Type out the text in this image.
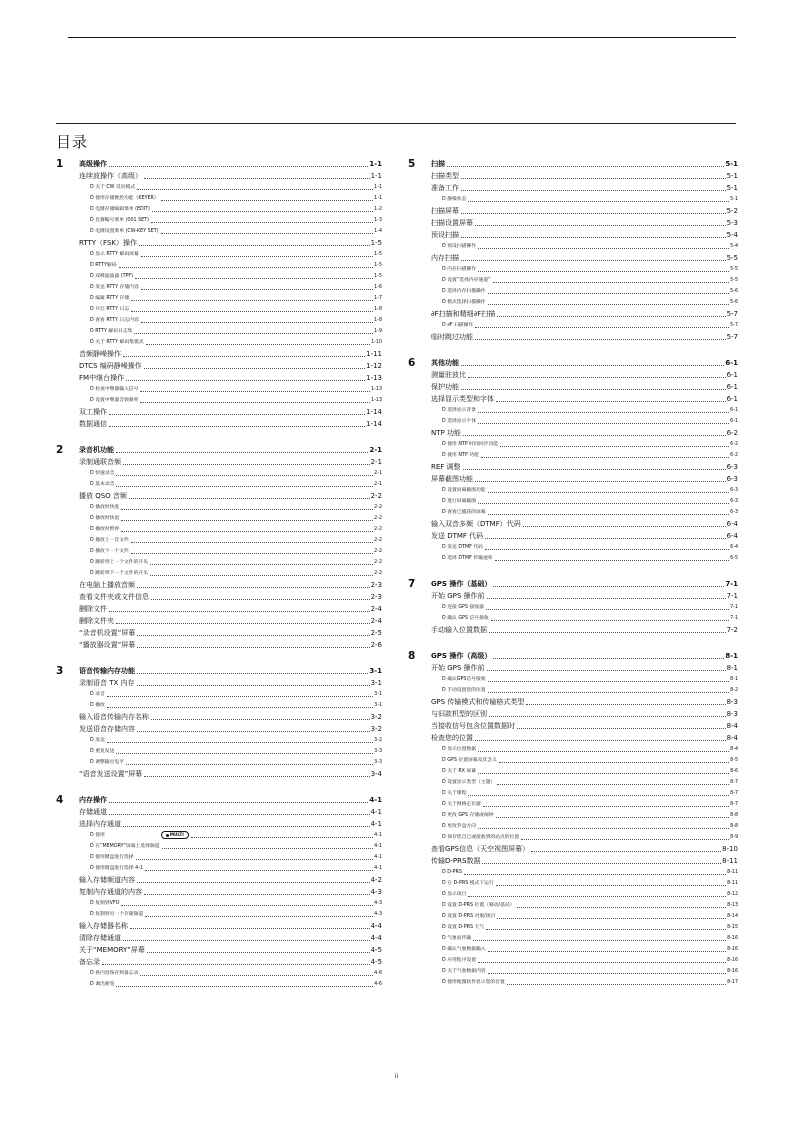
目录
1 高级操作	1-1
连续波操作（高级）	1-1
D 关于 CW 反向模式	1-1
D 使用存储键控功能（KEYER）	1-1
D 电键存储编辑菜单 (EDIT)	1-2
D 比赛编号菜单 (001 SET)	1-3
D 电键设置菜单 (CW-KEY SET)	1-4
RTTY（FSK）操作	1-5
D 显示 RTTY 解码屏幕	1-5
D RTTY解码	1-5
D 双峰滤波器 (TPF)	1-5
D 发送 RTTY 存储内容	1-6
D 编辑 RTTY 存储	1-7
D 开启 RTTY 日志	1-8
D 查看 RTTY 日志内容	1-8
D RTTY 解码日志集	1-9
D 关于 RTTY 解码集模式	1-10
音频静噪操作	1-11
DTCS 编码静噪操作	1-12
FM中继台操作	1-13
D 检查中继器输入信号	1-13
D 设置中继器音频频率	1-13
双工操作	1-14
数据通信	1-14
2 录音机功能	2-1
录制通联音频	2-1
D 快速录音	2-1
D 基本录音	2-1
播放 QSO 音频	2-2
D 播放时快进	2-2
D 播放时快退	2-2
D 播放时暂停	2-2
D 播放上一首文件	2-2
D 播放下一个文件	2-2
D 跳转到上一个文件的开头	2-2
D 跳转到下一个文件的开头	2-2
在电脑上播放音频	2-3
查看文件夹或文件信息	2-3
删除文件	2-4
删除文件夹	2-4
“录音机设置”屏幕	2-5
“播放器设置”屏幕	2-6
3 语音传输内存功能	3-1
录制语音 TX 内存	3-1
D 录音	3-1
D 播放	3-1
输入语音传输内存名称	3-2
发送语音存储内容	3-2
D 发送	3-2
D 重复发送	3-3
D 调整输出电平	3-3
“语音发送设置”屏幕	3-4
4 内存操作	4-1
存储通道	4-1
选择内存通道	4-1
D 使用	MULTI	4-1
D 在“MEMORY”屏幕上选择频道	4-1
D 使用键盘进行选择	4-1
D 使用键盘进行选择 4-1	4-1
输入存储频道内容	4-2
复制内存通道的内容	4-3
D 复制到VFO	4-3
D 复制到另一个存储频道	4-3
输入存储器名称	4-4
清除存储通道	4-4
关于“MEMORY”屏幕	4-5
备忘录	4-5
D 将内容保存到备忘录	4-6
D 调出便签	4-6
5 扫描	5-1
扫描类型	5-1
准备工作	5-1
D 静噪状态	5-1
扫描屏幕	5-2
扫描设置屏幕	5-3
预设扫描	5-4
D 预设扫描操作	5-4
内存扫描	5-5
D 内存扫描操作	5-5
D 设置“选择内存通道”	5-5
D 选择内存扫描操作	5-6
D 模式选择扫描操作	5-6
∂F扫描和精细∂F扫描	5-7
D ∂F 扫描操作	5-7
临时跳过功能	5-7
6 其他功能	6-1
测量驻波比	6-1
保护功能	6-1
选择显示类型和字体	6-1
D 选择显示背景	6-1
D 选择显示字体	6-1
NTP 功能	6-2
D 使用 NTP 时间同步功能	6-2
D 使用 NTP 功能	6-2
REF 调整	6-3
屏幕截图功能	6-3
D 设置屏幕截图功能	6-3
D 进行屏幕截图	6-3
D 查看已捕获的屏幕	6-3
输入双音多频（DTMF）代码	6-4
发送 DTMF 代码	6-4
D 发送 DTMF 代码	6-4
D 选择 DTMF 传输速率	6-5
7 GPS 操作（基础）	7-1
开始 GPS 操作前	7-1
D 连接 GPS 接收器	7-1
D 确认 GPS 信号接收	7-1
手动输入位置数据	7-2
8 GPS 操作（高级）	8-1
开始 GPS 操作前	8-1
D 确认GPS信号接收	8-1
D 手动设置您的位置	8-2
GPS 传输模式和传输格式类型	8-3
与旧款机型的区别	8-3
当接收信号包含位置数据时	8-4
检查您的位置	8-4
D 显示位置数据	8-4
D GPS 位置屏幕及其含义	8-5
D 关于 RX 屏幕	8-6
D 设置显示类型（主题）	8-7
D 关于课程	8-7
D 关于网格定位器	8-7
D 更改 GPS 存储或闹钟	8-8
D 更改罗盘方向	8-8
D 保存您自己或接收到的站点的位置	8-9
查看GPS信息（天空视图屏幕）	8-10
传输D-PRS数据	8-11
D D-PRS	8-11
D 在 D-PRS 模式下运行	8-11
D 显示项目	8-12
D 设置 D-PRS 位置（移动/基站）	8-13
D 设置 D-PRS 对象/项目	8-14
D 设置 D-PRS 天气	8-15
D 气象站传输	8-16
D 确认气象数据输入	8-16
D 应用程序设置	8-16
D 关于气象数据内容	8-16
D 使用地图软件显示您的位置	8-17
ii
